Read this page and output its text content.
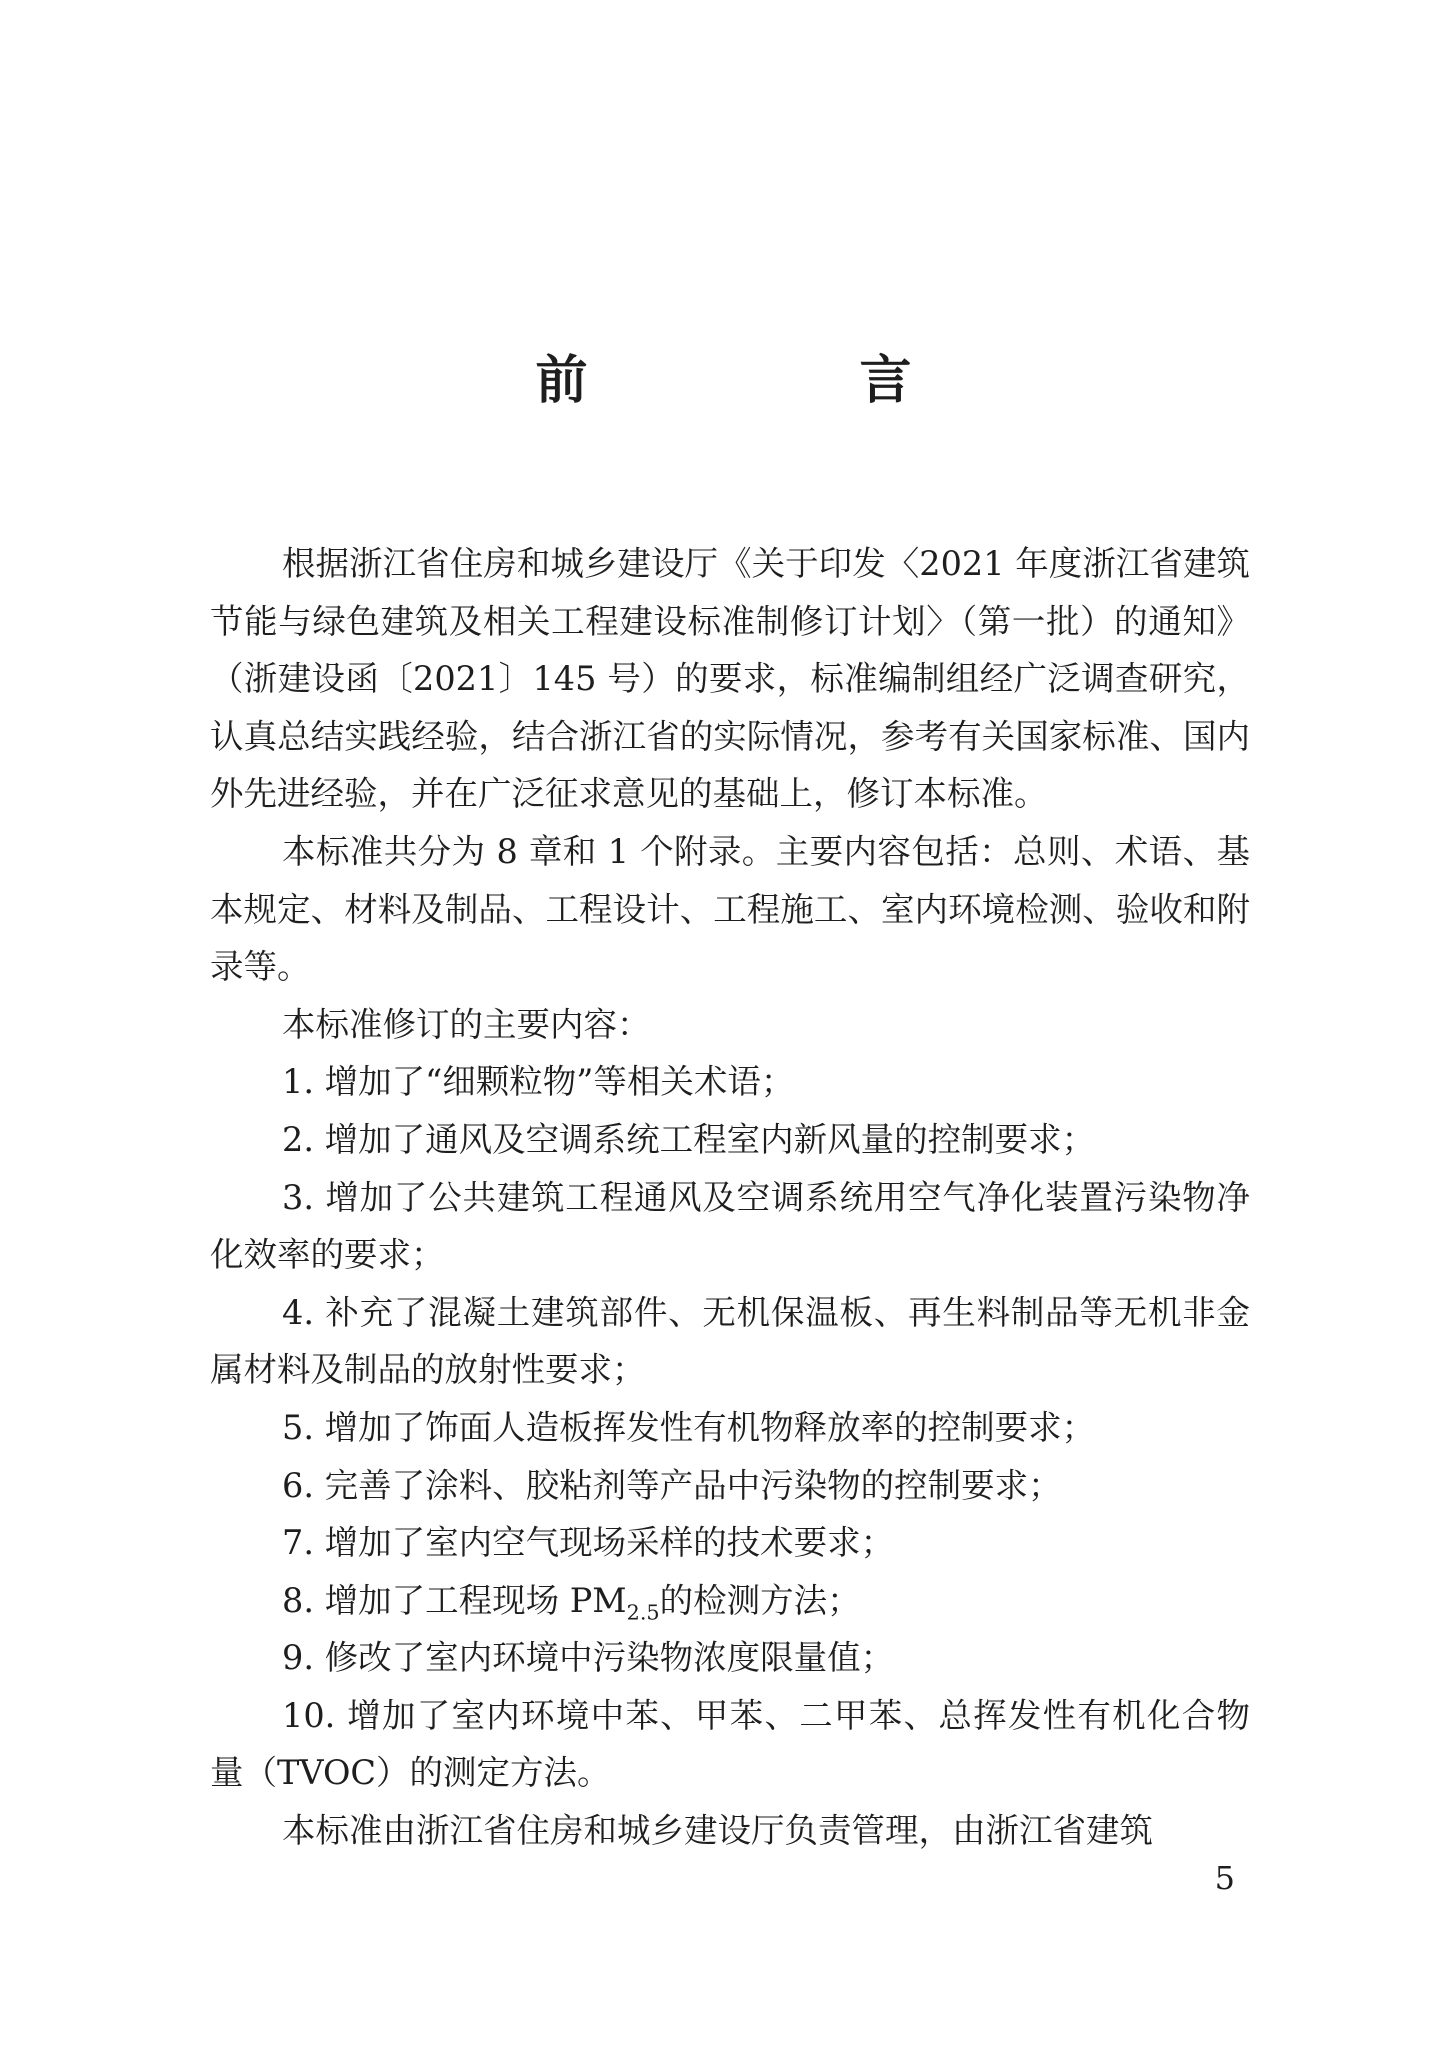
前　言

根据浙江省住房和城乡建设厅《关于印发〈2021 年度浙江省建筑节能与绿色建筑及相关工程建设标准制修订计划〉（第一批）的通知》（浙建设函〔2021〕145 号）的要求，标准编制组经广泛调查研究，认真总结实践经验，结合浙江省的实际情况，参考有关国家标准、国内外先进经验，并在广泛征求意见的基础上，修订本标准。

本标准共分为 8 章和 1 个附录。主要内容包括：总则、术语、基本规定、材料及制品、工程设计、工程施工、室内环境检测、验收和附录等。

本标准修订的主要内容：

1. 增加了“细颗粒物”等相关术语；

2. 增加了通风及空调系统工程室内新风量的控制要求；

3. 增加了公共建筑工程通风及空调系统用空气净化装置污染物净化效率的要求；

4. 补充了混凝土建筑部件、无机保温板、再生料制品等无机非金属材料及制品的放射性要求；

5. 增加了饰面人造板挥发性有机物释放率的控制要求；

6. 完善了涂料、胶粘剂等产品中污染物的控制要求；

7. 增加了室内空气现场采样的技术要求；

8. 增加了工程现场 $PM_{2.5}$的检测方法；

9. 修改了室内环境中污染物浓度限量值；

10. 增加了室内环境中苯、甲苯、二甲苯、总挥发性有机化合物量（TVOC）的测定方法。

本标准由浙江省住房和城乡建设厅负责管理，由浙江省建筑

5
